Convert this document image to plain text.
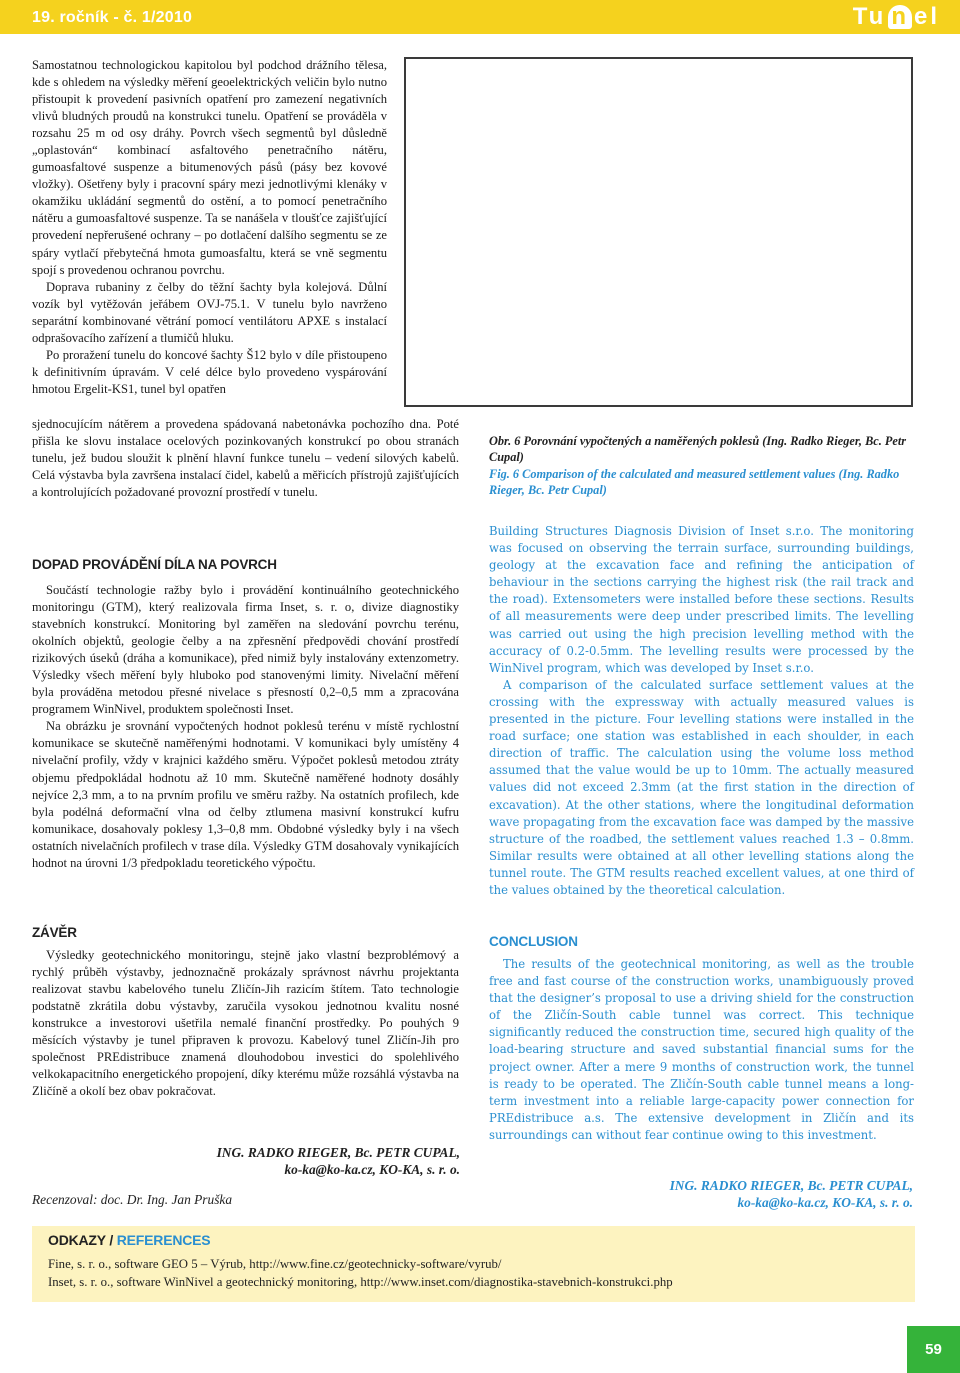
19. ročník - č. 1/2010	Tu n el

Samostatnou technologickou kapitolou byl podchod drážního tělesa, kde s ohledem na výsledky měření geoelektrických veličin bylo nutno přistoupit k provedení pasivních opatření pro zamezení negativních vlivů bludných proudů na konstrukci tunelu. Opatření se prováděla v rozsahu 25 m od osy dráhy. Povrch všech segmentů byl důsledně „oplastován“ kombinací asfaltového penetračního nátěru, gumoasfaltové suspenze a bitumenových pásů (pásy bez kovové vložky). Ošetřeny byly i pracovní spáry mezi jednotlivými klenáky v okamžiku ukládání segmentů do ostění, a to pomocí penetračního nátěru a gumoasfaltové suspenze. Ta se nanášela v tloušťce zajišťující provedení nepřerušené ochrany – po dotlačení dalšího segmentu se ze spáry vytlačí přebytečná hmota gumoasfaltu, která se vně segmentu spojí s provedenou ochranou povrchu.

Doprava rubaniny z čelby do těžní šachty byla kolejová. Důlní vozík byl vytěžován jeřábem OVJ-75.1. V tunelu bylo navrženo separátní kombinované větrání pomocí ventilátoru APXE s instalací odprašovacího zařízení a tlumičů hluku.

Po proražení tunelu do koncové šachty Š12 bylo v díle přistoupeno k definitivním úpravám. V celé délce bylo provedeno vyspárování hmotou Ergelit-KS1, tunel byl opatřen

Obr. 6 Porovnání vypočtených a naměřených poklesů (Ing. Radko Rieger, Bc. Petr Cupal)
Fig. 6 Comparison of the calculated and measured settlement values (Ing. Radko Rieger, Bc. Petr Cupal)

sjednocujícím nátěrem a provedena spádovaná nabetonávka pochozího dna. Poté přišla ke slovu instalace ocelových pozinkovaných konstrukcí po obou stranách tunelu, jež budou sloužit k plnění hlavní funkce tunelu – vedení silových kabelů. Celá výstavba byla završena instalací čidel, kabelů a měřicích přístrojů zajišťujících a kontrolujících požadované provozní prostředí v tunelu.

DOPAD PROVÁDĚNÍ DÍLA NA POVRCH

Součástí technologie ražby bylo i provádění kontinuálního geotechnického monitoringu (GTM), který realizovala firma Inset, s. r. o, divize diagnostiky stavebních konstrukcí. Monitoring byl zaměřen na sledování povrchu terénu, okolních objektů, geologie čelby a na zpřesnění předpovědi chování prostředí rizikových úseků (dráha a komunikace), před nimiž byly instalovány extenzometry. Výsledky všech měření byly hluboko pod stanovenými limity. Nivelační měření byla prováděna metodou přesné nivelace s přesností 0,2–0,5 mm a zpracována programem WinNivel, produktem společnosti Inset.

Na obrázku je srovnání vypočtených hodnot poklesů terénu v místě rychlostní komunikace se skutečně naměřenými hodnotami. V komunikaci byly umístěny 4 nivelační profily, vždy v krajnici každého směru. Výpočet poklesů metodou ztráty objemu předpokládal hodnotu až 10 mm. Skutečně naměřené hodnoty dosáhly nejvíce 2,3 mm, a to na prvním profilu ve směru ražby. Na ostatních profilech, kde byla podélná deformační vlna od čelby ztlumena masivní konstrukcí kufru komunikace, dosahovaly poklesy 1,3–0,8 mm. Obdobné výsledky byly i na všech ostatních nivelačních profilech v trase díla. Výsledky GTM dosahovaly vynikajících hodnot na úrovni 1/3 předpokladu teoretického výpočtu.

ZÁVĚR

Výsledky geotechnického monitoringu, stejně jako vlastní bezproblémový a rychlý průběh výstavby, jednoznačně prokázaly správnost návrhu projektanta realizovat stavbu kabelového tunelu Zličín-Jih razicím štítem. Tato technologie podstatně zkrátila dobu výstavby, zaručila vysokou jednotnou kvalitu nosné konstrukce a investorovi ušetřila nemalé finanční prostředky. Po pouhých 9 měsících výstavby je tunel připraven k provozu. Kabelový tunel Zličín-Jih pro společnost PREdistribuce znamená dlouhodobou investici do spolehlivého velkokapacitního energetického propojení, díky kterému může rozsáhlá výstavba na Zličíně a okolí bez obav pokračovat.

ING. RADKO RIEGER, Bc. PETR CUPAL,
ko-ka@ko-ka.cz, KO-KA, s. r. o.
Recenzoval: doc. Dr. Ing. Jan Pruška

Building Structures Diagnosis Division of Inset s.r.o. The monitoring was focused on observing the terrain surface, surrounding buildings, geology at the excavation face and refining the anticipation of behaviour in the sections carrying the highest risk (the rail track and the road). Extensometers were installed before these sections. Results of all measurements were deep under prescribed limits. The levelling was carried out using the high precision levelling method with the accuracy of 0.2-0.5mm. The levelling results were processed by the WinNivel program, which was developed by Inset s.r.o.

A comparison of the calculated surface settlement values at the crossing with the expressway with actually measured values is presented in the picture. Four levelling stations were installed in the road surface; one station was established in each shoulder, in each direction of traffic. The calculation using the volume loss method assumed that the value would be up to 10mm. The actually measured values did not exceed 2.3mm (at the first station in the direction of excavation). At the other stations, where the longitudinal deformation wave propagating from the excavation face was damped by the massive structure of the roadbed, the settlement values reached 1.3 – 0.8mm. Similar results were obtained at all other levelling stations along the tunnel route. The GTM results reached excellent values, at one third of the values obtained by the theoretical calculation.

CONCLUSION

The results of the geotechnical monitoring, as well as the trouble free and fast course of the construction works, unambiguously proved that the designer’s proposal to use a driving shield for the construction of the Zličín-South cable tunnel was correct. This technique significantly reduced the construction time, secured high quality of the load-bearing structure and saved substantial financial sums for the project owner. After a mere 9 months of construction work, the tunnel is ready to be operated. The Zličín-South cable tunnel means a long-term investment into a reliable large-capacity power connection for PREdistribuce a.s. The extensive development in Zličín and its surroundings can without fear continue owing to this investment.

ING. RADKO RIEGER, Bc. PETR CUPAL,
ko-ka@ko-ka.cz, KO-KA, s. r. o.
ODKAZY / REFERENCES
Fine, s. r. o., software GEO 5 – Výrub, http://www.fine.cz/geotechnicky-software/vyrub/
Inset, s. r. o., software WinNivel a geotechnický monitoring, http://www.inset.com/diagnostika-stavebnich-konstrukci.php
59
